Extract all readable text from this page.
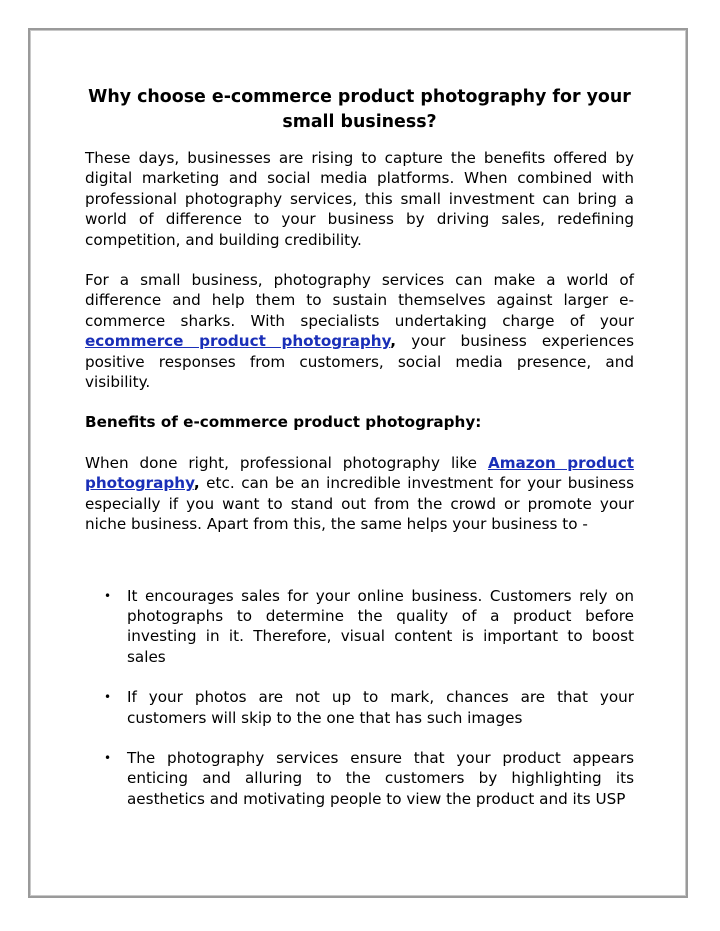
Why choose e-commerce product photography for your small business?

These days, businesses are rising to capture the benefits offered by digital marketing and social media platforms. When combined with professional photography services, this small investment can bring a world of difference to your business by driving sales, redefining competition, and building credibility.

For a small business, photography services can make a world of difference and help them to sustain themselves against larger e-commerce sharks. With specialists undertaking charge of your ecommerce product photography, your business experiences positive responses from customers, social media presence, and visibility.

Benefits of e-commerce product photography:

When done right, professional photography like Amazon product photography, etc. can be an incredible investment for your business especially if you want to stand out from the crowd or promote your niche business. Apart from this, the same helps your business to -

• It encourages sales for your online business. Customers rely on photographs to determine the quality of a product before investing in it. Therefore, visual content is important to boost sales
• If your photos are not up to mark, chances are that your customers will skip to the one that has such images
• The photography services ensure that your product appears enticing and alluring to the customers by highlighting its aesthetics and motivating people to view the product and its USP
